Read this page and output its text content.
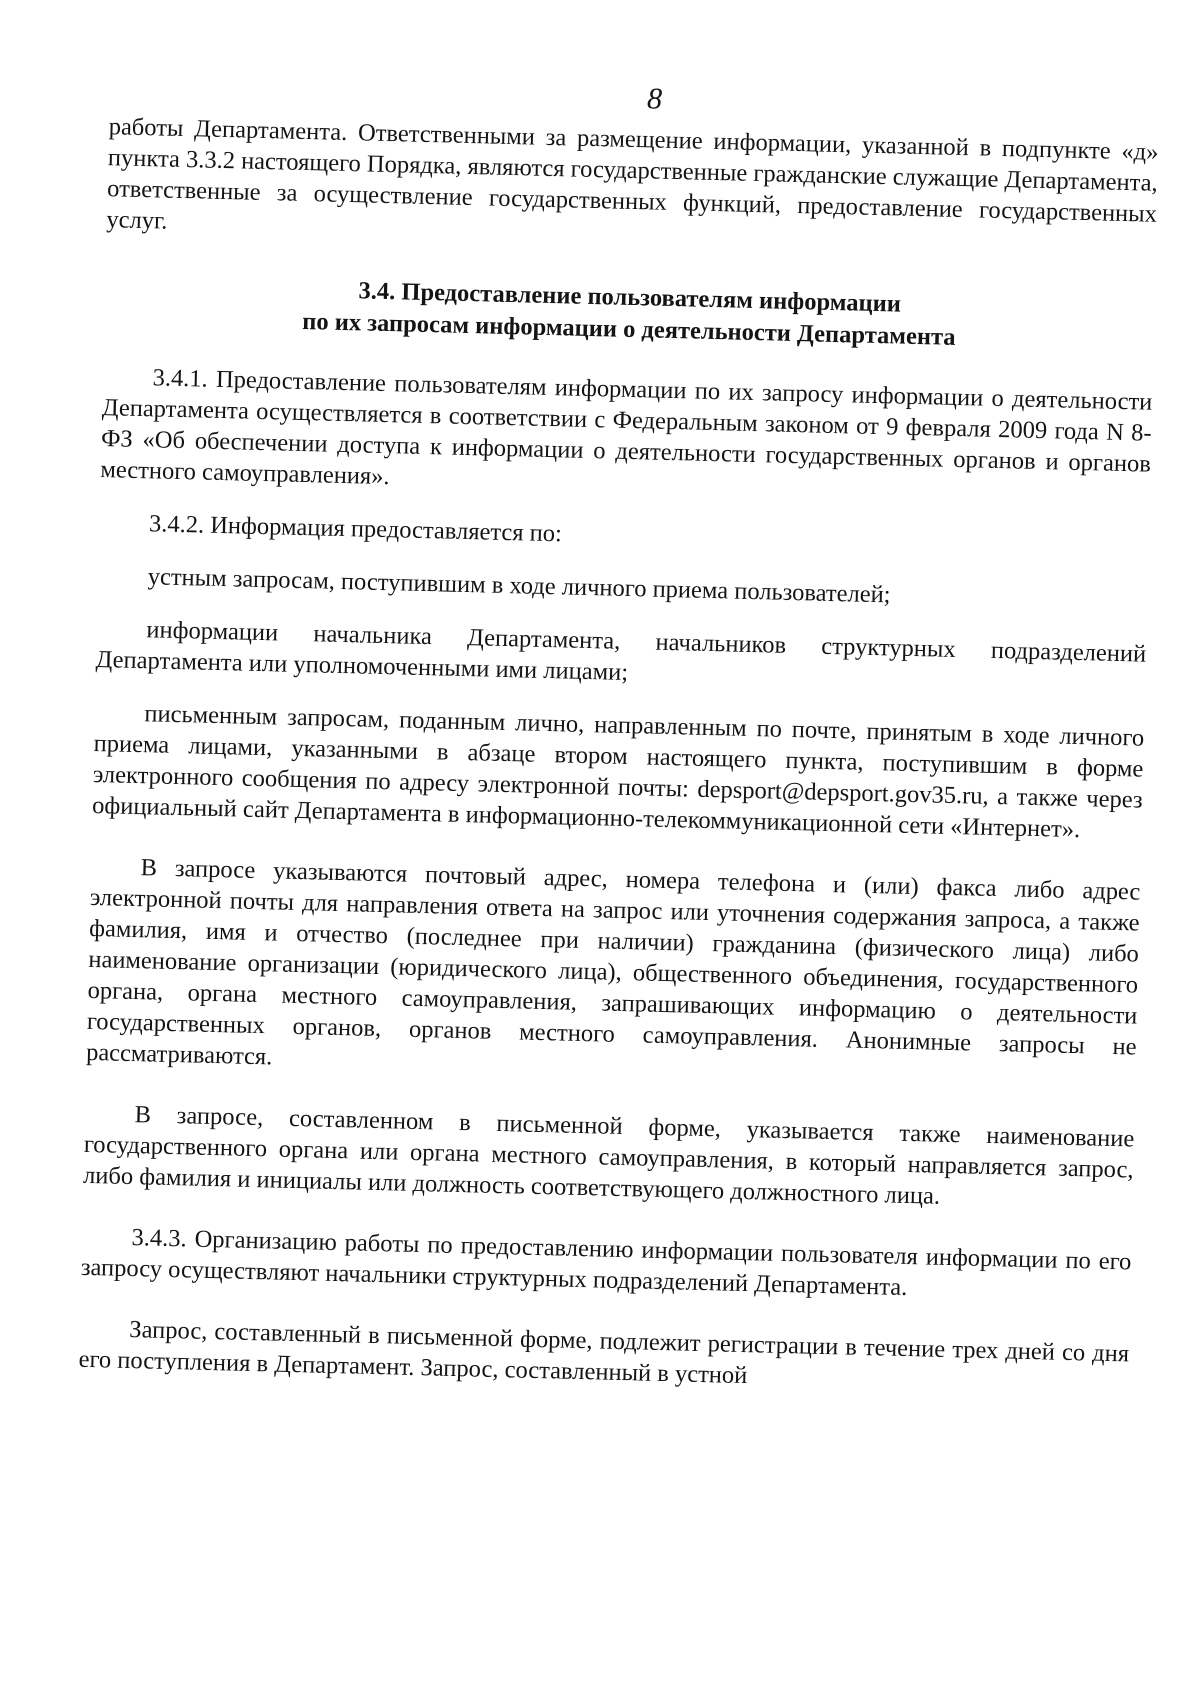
8

работы Департамента. Ответственными за размещение информации, указанной в подпункте «д» пункта 3.3.2 настоящего Порядка, являются государственные гражданские служащие Департамента, ответственные за осуществление государственных функций, предоставление государственных услуг.

3.4. Предоставление пользователям информации
по их запросам информации о деятельности Департамента

3.4.1. Предоставление пользователям информации по их запросу информации о деятельности Департамента осуществляется в соответствии с Федеральным законом от 9 февраля 2009 года N 8-ФЗ «Об обеспечении доступа к информации о деятельности государственных органов и органов местного самоуправления».

3.4.2. Информация предоставляется по:

устным запросам, поступившим в ходе личного приема пользователей;

информации начальника Департамента, начальников структурных подразделений Департамента или уполномоченными ими лицами;

письменным запросам, поданным лично, направленным по почте, принятым в ходе личного приема лицами, указанными в абзаце втором настоящего пункта, поступившим в форме электронного сообщения по адресу электронной почты: depsport@depsport.gov35.ru, а также через официальный сайт Департамента в информационно-телекоммуникационной сети «Интернет».

В запросе указываются почтовый адрес, номера телефона и (или) факса либо адрес электронной почты для направления ответа на запрос или уточнения содержания запроса, а также фамилия, имя и отчество (последнее при наличии) гражданина (физического лица) либо наименование организации (юридического лица), общественного объединения, государственного органа, органа местного самоуправления, запрашивающих информацию о деятельности государственных органов, органов местного самоуправления. Анонимные запросы не рассматриваются.

В запросе, составленном в письменной форме, указывается также наименование государственного органа или органа местного самоуправления, в который направляется запрос, либо фамилия и инициалы или должность соответствующего должностного лица.

3.4.3. Организацию работы по предоставлению информации пользователя информации по его запросу осуществляют начальники структурных подразделений Департамента.

Запрос, составленный в письменной форме, подлежит регистрации в течение трех дней со дня его поступления в Департамент. Запрос, составленный в устной
